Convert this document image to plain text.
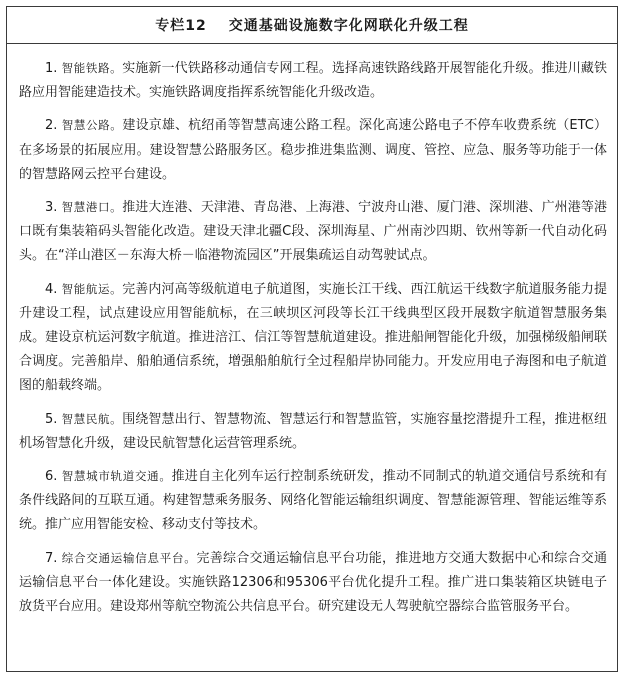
专栏12 交通基础设施数字化网联化升级工程

1. 智能铁路。实施新一代铁路移动通信专网工程。选择高速铁路线路开展智能化升级。推进川藏铁路应用智能建造技术。实施铁路调度指挥系统智能化升级改造。

2. 智慧公路。建设京雄、杭绍甬等智慧高速公路工程。深化高速公路电子不停车收费系统（ETC）在多场景的拓展应用。建设智慧公路服务区。稳步推进集监测、调度、管控、应急、服务等功能于一体的智慧路网云控平台建设。

3. 智慧港口。推进大连港、天津港、青岛港、上海港、宁波舟山港、厦门港、深圳港、广州港等港口既有集装箱码头智能化改造。建设天津北疆C段、深圳海星、广州南沙四期、钦州等新一代自动化码头。在“洋山港区－东海大桥－临港物流园区”开展集疏运自动驾驶试点。

4. 智能航运。完善内河高等级航道电子航道图，实施长江干线、西江航运干线数字航道服务能力提升建设工程，试点建设应用智能航标，在三峡坝区河段等长江干线典型区段开展数字航道智慧服务集成。建设京杭运河数字航道。推进涪江、信江等智慧航道建设。推进船闸智能化升级，加强梯级船闸联合调度。完善船岸、船舶通信系统，增强船舶航行全过程船岸协同能力。开发应用电子海图和电子航道图的船载终端。

5. 智慧民航。围绕智慧出行、智慧物流、智慧运行和智慧监管，实施容量挖潜提升工程，推进枢纽机场智慧化升级，建设民航智慧化运营管理系统。

6. 智慧城市轨道交通。推进自主化列车运行控制系统研发，推动不同制式的轨道交通信号系统和有条件线路间的互联互通。构建智慧乘务服务、网络化智能运输组织调度、智慧能源管理、智能运维等系统。推广应用智能安检、移动支付等技术。

7. 综合交通运输信息平台。完善综合交通运输信息平台功能，推进地方交通大数据中心和综合交通运输信息平台一体化建设。实施铁路12306和95306平台优化提升工程。推广进口集装箱区块链电子放货平台应用。建设郑州等航空物流公共信息平台。研究建设无人驾驶航空器综合监管服务平台。
